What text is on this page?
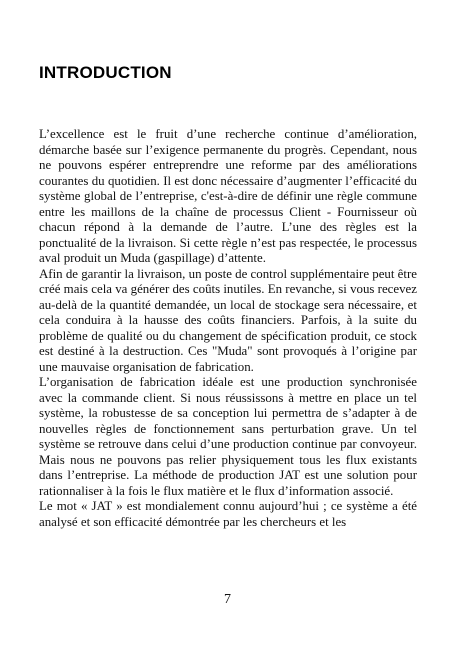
INTRODUCTION

L’excellence est le fruit d’une recherche continue d’amélioration, démarche basée sur l’exigence permanente du progrès. Cependant, nous ne pouvons espérer entreprendre une reforme par des améliorations courantes du quotidien. Il est donc nécessaire d’augmenter l’efficacité du système global de l’entreprise, c'est-à-dire de définir une règle commune entre les maillons de la chaîne de processus Client - Fournisseur où chacun répond à la demande de l’autre. L’une des règles est la ponctualité de la livraison. Si cette règle n’est pas respectée, le processus aval produit un Muda (gaspillage) d’attente.

Afin de garantir la livraison, un poste de control supplémentaire peut être créé mais cela va générer des coûts inutiles. En revanche, si vous recevez au-delà de la quantité demandée, un local de stockage sera nécessaire, et cela conduira à la hausse des coûts financiers. Parfois, à la suite du problème de qualité ou du changement de spécification produit, ce stock est destiné à la destruction. Ces "Muda" sont provoqués à l’origine par une mauvaise organisation de fabrication.

L’organisation de fabrication idéale est une production synchronisée avec la commande client. Si nous réussissons à mettre en place un tel système, la robustesse de sa conception lui permettra de s’adapter à de nouvelles règles de fonctionnement sans perturbation grave. Un tel système se retrouve dans celui d’une production continue par convoyeur. Mais nous ne pouvons pas relier physiquement tous les flux existants dans l’entreprise. La méthode de production JAT est une solution pour rationnaliser à la fois le flux matière et le flux d’information associé.

Le mot « JAT » est mondialement connu aujourd’hui ; ce système a été analysé et son efficacité démontrée par les chercheurs et les

7
